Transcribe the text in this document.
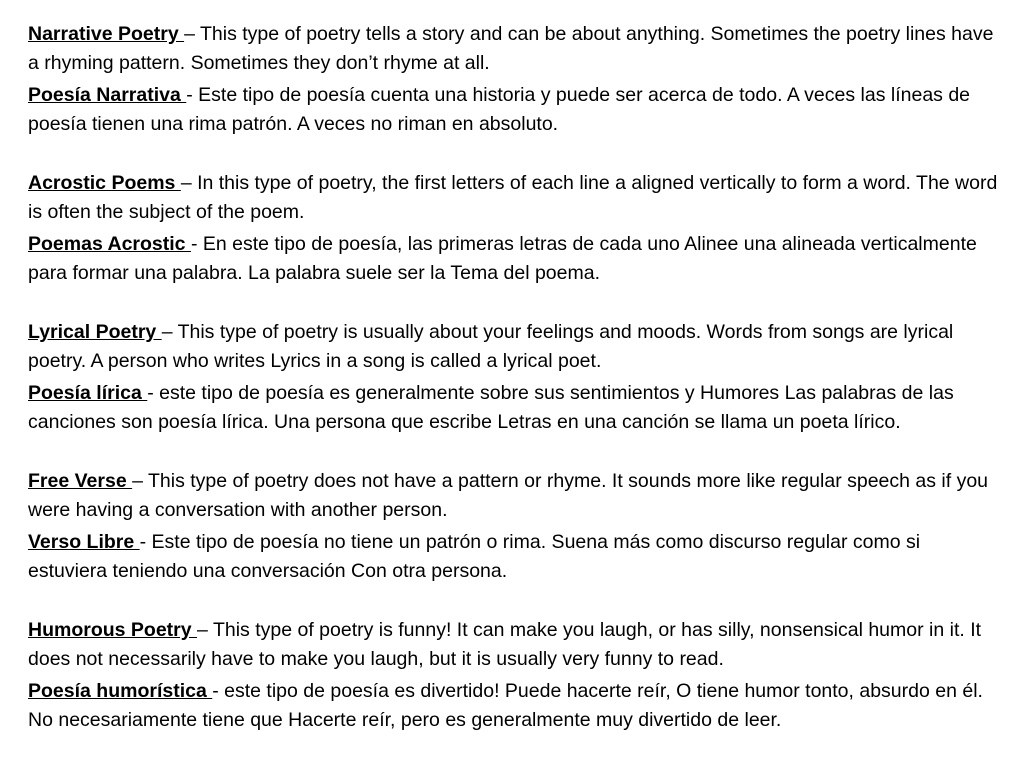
Narrative Poetry – This type of poetry tells a story and can be about anything. Sometimes the poetry lines have a rhyming pattern. Sometimes they don’t rhyme at all.

Poesía Narrativa - Este tipo de poesía cuenta una historia y puede ser acerca de todo. A veces las líneas de poesía tienen una rima patrón. A veces no riman en absoluto.

Acrostic Poems – In this type of poetry, the first letters of each line a aligned vertically to form a word. The word is often the subject of the poem.

Poemas Acrostic - En este tipo de poesía, las primeras letras de cada uno Alinee una alineada verticalmente para formar una palabra. La palabra suele ser la Tema del poema.

Lyrical Poetry – This type of poetry is usually about your feelings and moods. Words from songs are lyrical poetry. A person who writes Lyrics in a song is called a lyrical poet.

Poesía lírica - este tipo de poesía es generalmente sobre sus sentimientos y Humores Las palabras de las canciones son poesía lírica. Una persona que escribe Letras en una canción se llama un poeta lírico.

Free Verse – This type of poetry does not have a pattern or rhyme. It sounds more like regular speech as if you were having a conversation with another person.

Verso Libre - Este tipo de poesía no tiene un patrón o rima. Suena más como discurso regular como si estuviera teniendo una conversación Con otra persona.

Humorous Poetry – This type of poetry is funny! It can make you laugh, or has silly, nonsensical humor in it. It does not necessarily have to make you laugh, but it is usually very funny to read.

Poesía humorística - este tipo de poesía es divertido! Puede hacerte reír, O tiene humor tonto, absurdo en él. No necesariamente tiene que Hacerte reír, pero es generalmente muy divertido de leer.
